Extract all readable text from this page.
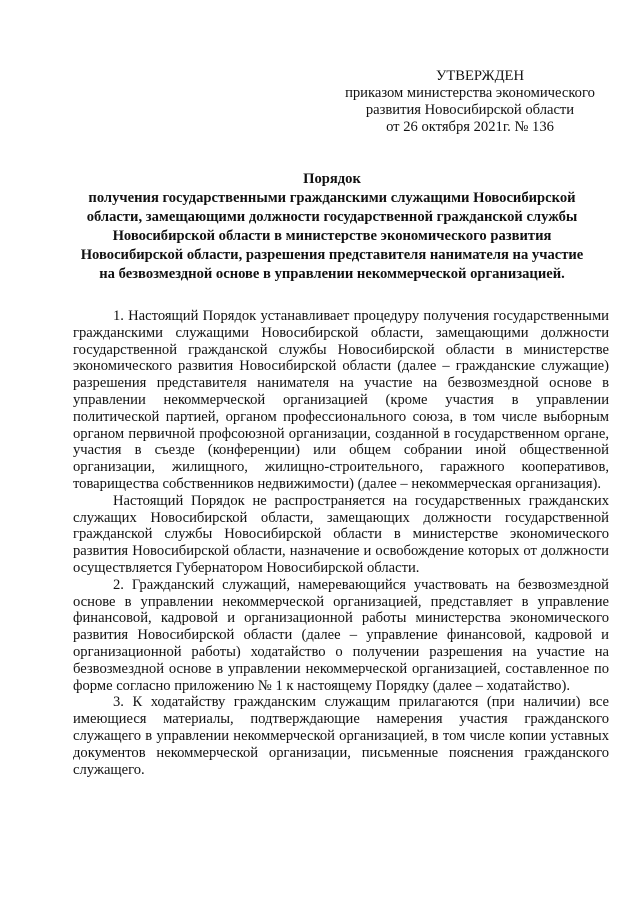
УТВЕРЖДЕН
приказом министерства экономического
развития Новосибирской области
от 26 октября 2021г. № 136
Порядок
получения государственными гражданскими служащими Новосибирской
области, замещающими должности государственной гражданской службы
Новосибирской области в министерстве экономического развития
Новосибирской области, разрешения представителя нанимателя на участие
на безвозмездной основе в управлении некоммерческой организацией.

1. Настоящий Порядок устанавливает процедуру получения государственными гражданскими служащими Новосибирской области, замещающими должности государственной гражданской службы Новосибирской области в министерстве экономического развития Новосибирской области (далее – гражданские служащие) разрешения представителя нанимателя на участие на безвозмездной основе в управлении некоммерческой организацией (кроме участия в управлении политической партией, органом профессионального союза, в том числе выборным органом первичной профсоюзной организации, созданной в государственном органе, участия в съезде (конференции) или общем собрании иной общественной организации, жилищного, жилищно-строительного, гаражного кооперативов, товарищества собственников недвижимости) (далее – некоммерческая организация).

Настоящий Порядок не распространяется на государственных гражданских служащих Новосибирской области, замещающих должности государственной гражданской службы Новосибирской области в министерстве экономического развития Новосибирской области, назначение и освобождение которых от должности осуществляется Губернатором Новосибирской области.

2. Гражданский служащий, намеревающийся участвовать на безвозмездной основе в управлении некоммерческой организацией, представляет в управление финансовой, кадровой и организационной работы министерства экономического развития Новосибирской области (далее – управление финансовой, кадровой и организационной работы) ходатайство о получении разрешения на участие на безвозмездной основе в управлении некоммерческой организацией, составленное по форме согласно приложению № 1 к настоящему Порядку (далее – ходатайство).

3. К ходатайству гражданским служащим прилагаются (при наличии) все имеющиеся материалы, подтверждающие намерения участия гражданского служащего в управлении некоммерческой организацией, в том числе копии уставных документов некоммерческой организации, письменные пояснения гражданского служащего.
